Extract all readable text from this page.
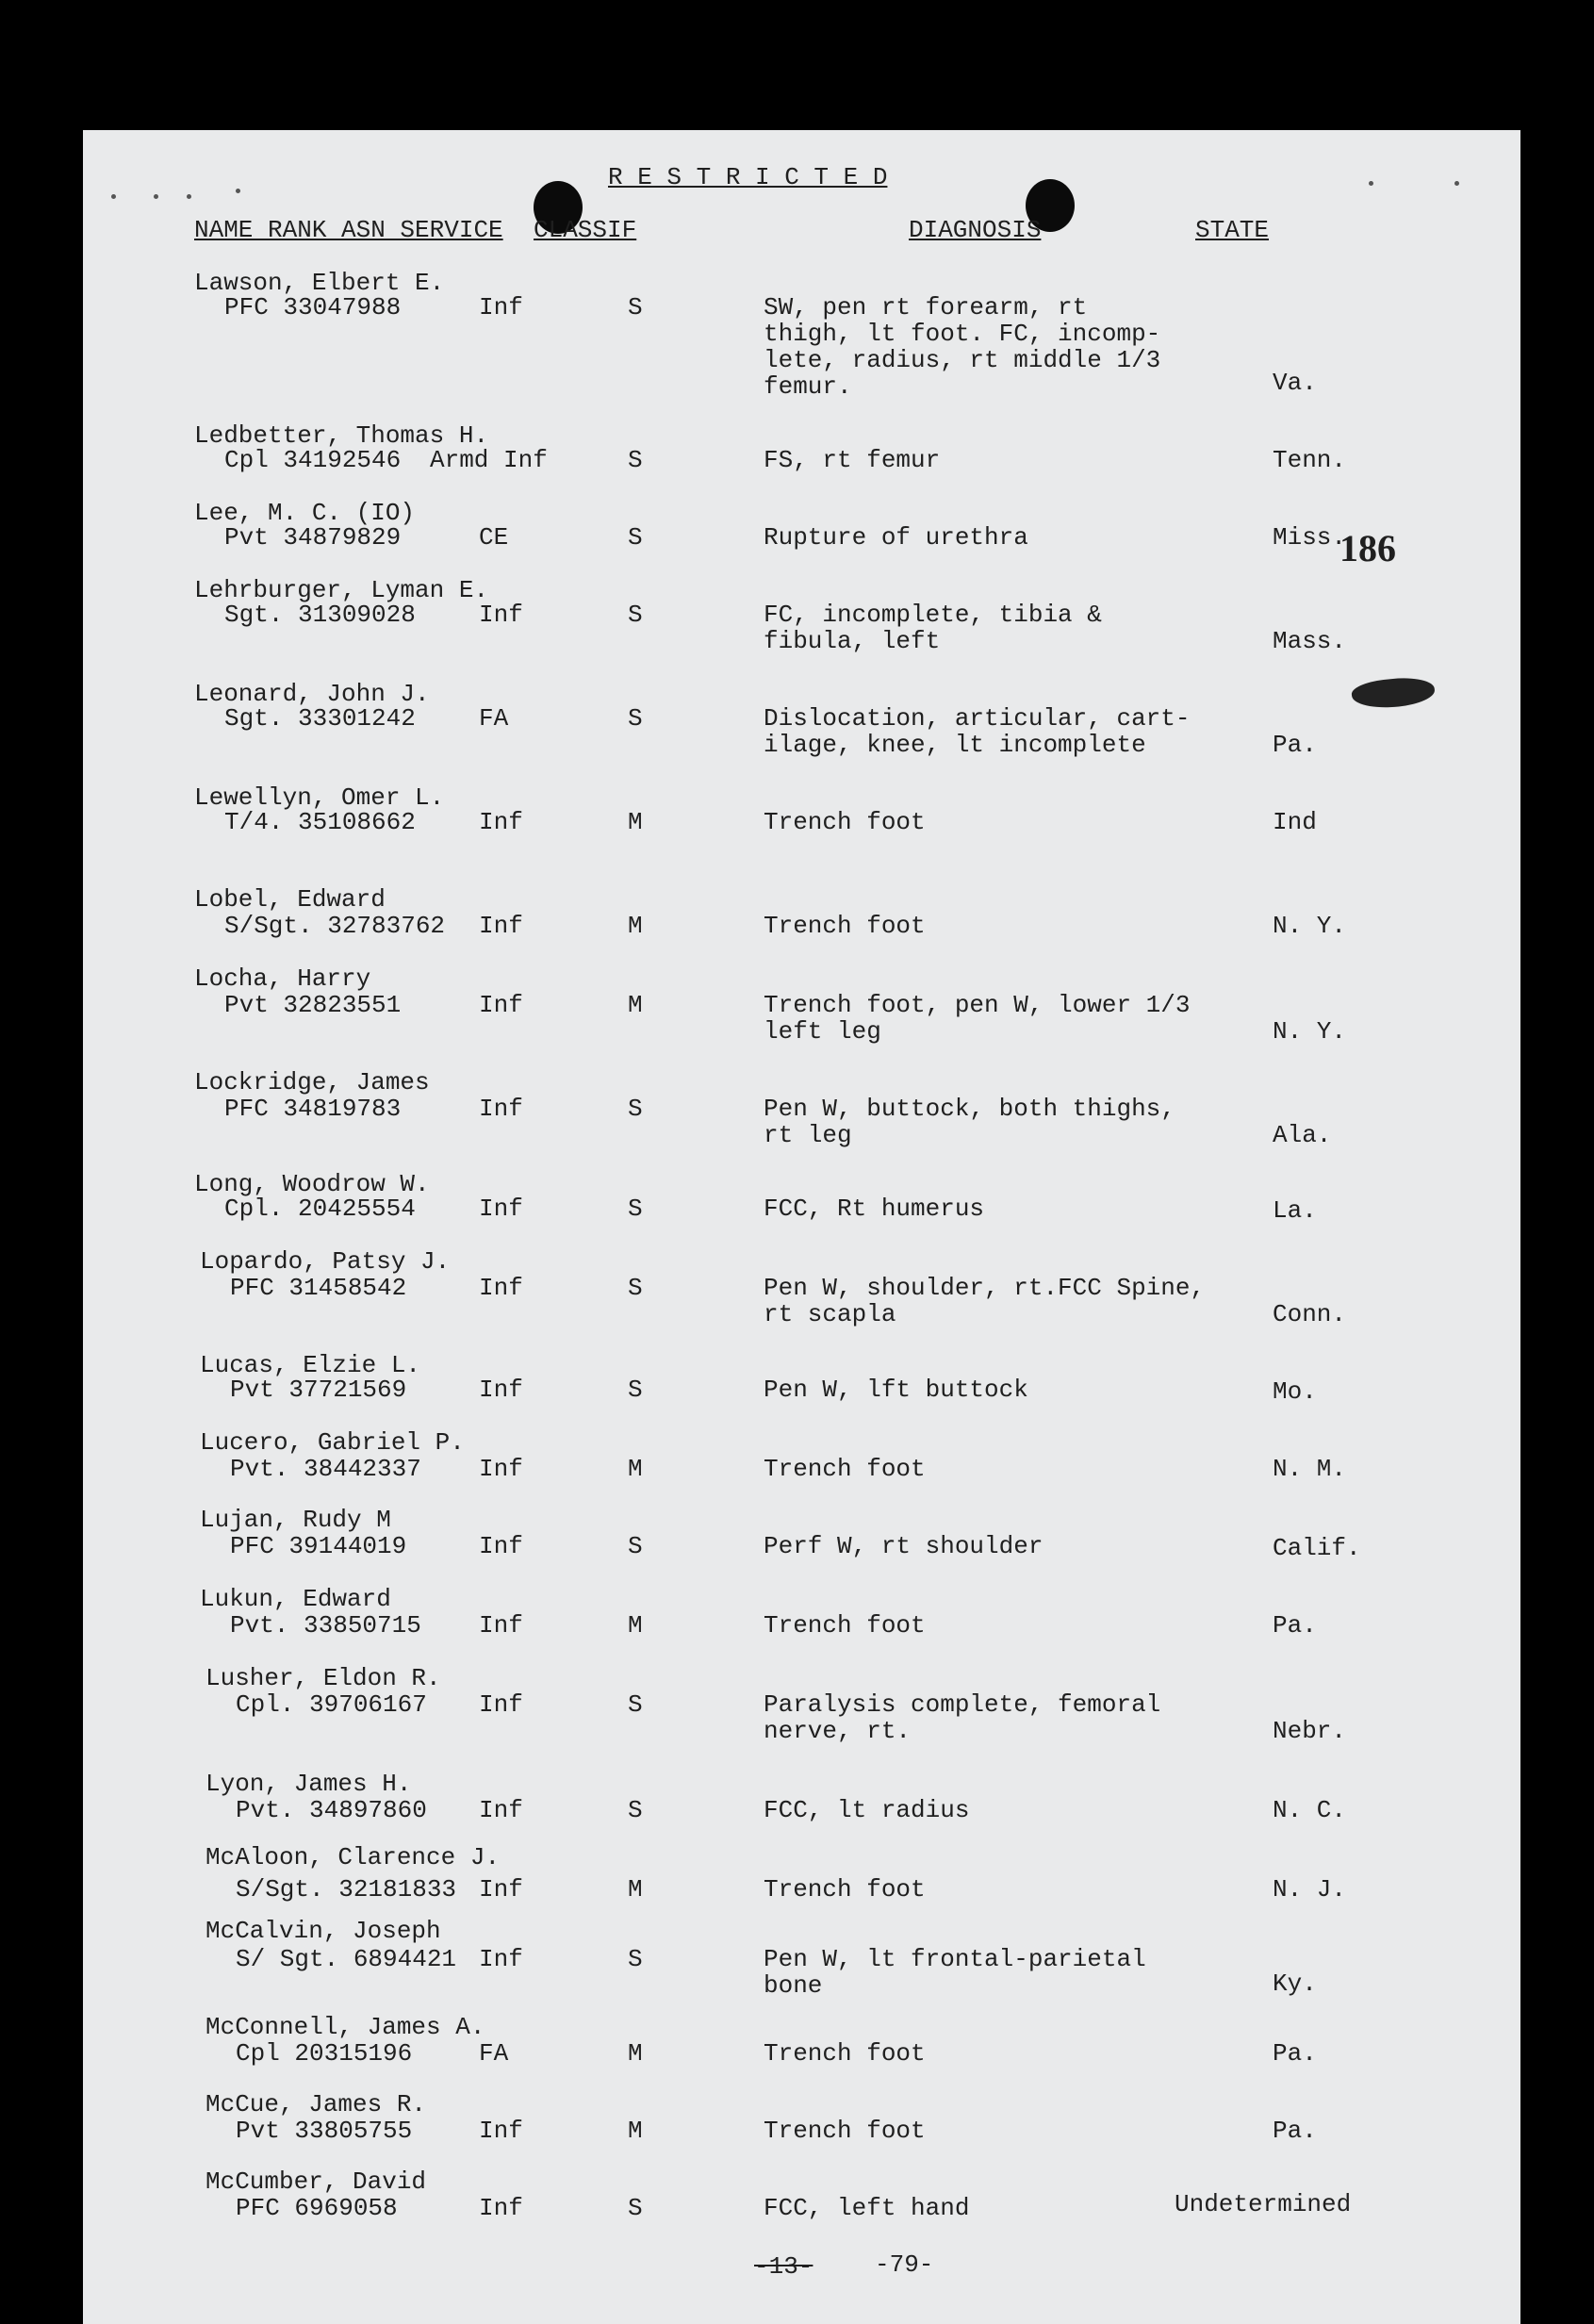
R E S T R I C T E D
NAME RANK ASN SERVICE CLASSIF	DIAGNOSIS	STATE
186
Lawson, Elbert E.
PFC 33047988	Inf	S	SW, pen rt forearm, rt
thigh, lt foot. FC, incomp-
lete, radius, rt middle 1/3
femur.	Va.
Ledbetter, Thomas H.
Cpl 34192546 Armd Inf	S	FS, rt femur	Tenn.
Lee, M. C. (IO)
Pvt 34879829	CE	S	Rupture of urethra	Miss.
Lehrburger, Lyman E.
Sgt. 31309028	Inf	S	FC, incomplete, tibia &
fibula, left	Mass.
Leonard, John J.
Sgt. 33301242	FA	S	Dislocation, articular, cart-
ilage, knee, lt incomplete	Pa.
Lewellyn, Omer L.
T/4. 35108662	Inf	M	Trench foot	Ind
Lobel, Edward
S/Sgt. 32783762 Inf	M	Trench foot	N. Y.
Locha, Harry
Pvt 32823551	Inf	M	Trench foot, pen W, lower 1/3
left leg	N. Y.
Lockridge, James
PFC 34819783	Inf	S	Pen W, buttock, both thighs,
rt leg	Ala.
Long, Woodrow W.
Cpl. 20425554	Inf	S	FCC, Rt humerus	La.
Lopardo, Patsy J.
PFC 31458542	Inf	S	Pen W, shoulder, rt.FCC Spine,
rt scapla	Conn.
Lucas, Elzie L.
Pvt 37721569	Inf	S	Pen W, lft buttock	Mo.
Lucero, Gabriel P.
Pvt. 38442337 Inf	M	Trench foot	N. M.
Lujan, Rudy M
PFC 39144019	Inf	S	Perf W, rt shoulder	Calif.
Lukun, Edward
Pvt. 33850715 Inf	M	Trench foot	Pa.
Lusher, Eldon R.
Cpl. 39706167 Inf	S	Paralysis complete, femoral
nerve, rt.	Nebr.
Lyon, James H.
Pvt. 34897860 Inf	S	FCC, lt radius	N. C.
McAloon, Clarence J.
S/Sgt. 32181833 Inf	M	Trench foot	N. J.
McCalvin, Joseph
S/ Sgt. 6894421 Inf	S	Pen W, lt frontal-parietal
bone	Ky.
McConnell, James A.
Cpl 20315196	FA	M	Trench foot	Pa.
McCue, James R.
Pvt 33805755	Inf	M	Trench foot	Pa.
McCumber, David
PFC 6969058	Inf	S	FCC, left hand	Undetermined
-13-	-79-
